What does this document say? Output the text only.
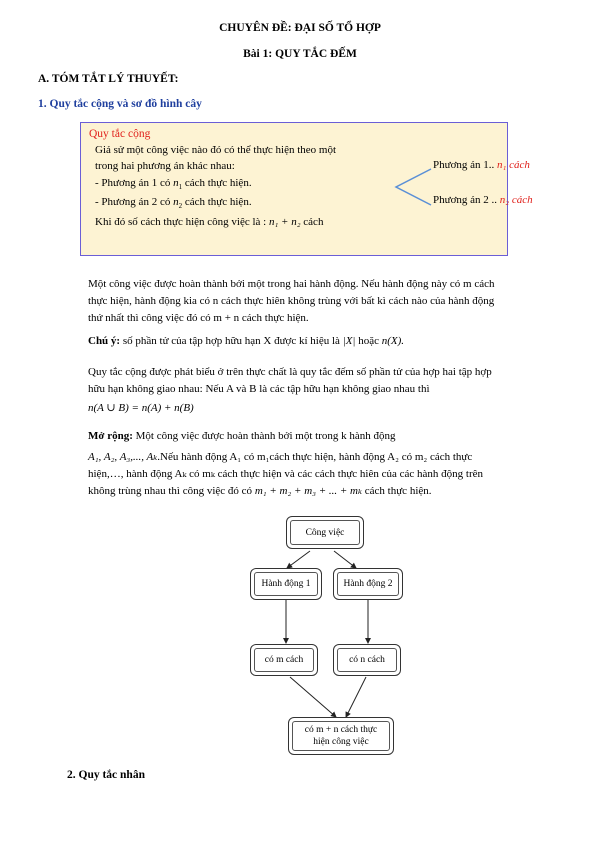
CHUYÊN ĐỀ: ĐẠI SỐ TỔ HỢP
Bài 1: QUY TẮC ĐẾM
A. TÓM TẮT LÝ THUYẾT:
1. Quy tắc cộng và sơ đồ hình cây
Quy tắc cộng
Giả sử một công việc nào đó có thể thực hiện theo một
trong hai phương án khác nhau:
- Phương án 1 có $n_1$ cách thực hiện.
- Phương án 2 có $n_2$ cách thực hiện.
Khi đó số cách thực hiện công việc là : n₁ + n₂ cách
Phương án 1.. n₁ cách
Phương án 2 .. n₂ cách

Một công việc được hoàn thành bởi một trong hai hành động. Nếu hành động này có m cách

thực hiện, hành động kia có n cách thực hiên không trùng với bất kì cách nào của hành động

thứ nhất thì công việc đó có m + n cách thực hiện.

Chú ý: số phần tử của tập hợp hữu hạn X được kí hiệu là |X| hoặc n(X).

Quy tắc cộng được phát biểu ở trên thực chất là quy tắc đếm số phần tử của hợp hai tập hợp

hữu hạn không giao nhau: Nếu A và B là các tập hữu hạn không giao nhau thì

n(A ∪ B) = n(A) + n(B)

Mở rộng: Một công việc được hoàn thành bởi một trong k hành động

A₁, A₂, A₃,..., Aₖ.Nếu hành động A₁ có m₁cách thực hiện, hành động A₂ có m₂ cách thực

hiện,…, hành động Aₖ có mₖ cách thực hiện và các cách thực hiên của các hành động trên

không trùng nhau thì công việc đó có m₁ + m₂ + m₃ + ... + mₖ cách thực hiện.

Công việc
Hành động 1	Hành động 2
có m cách	có n cách
có m + n cách thực
hiện công việc
2. Quy tắc nhân
